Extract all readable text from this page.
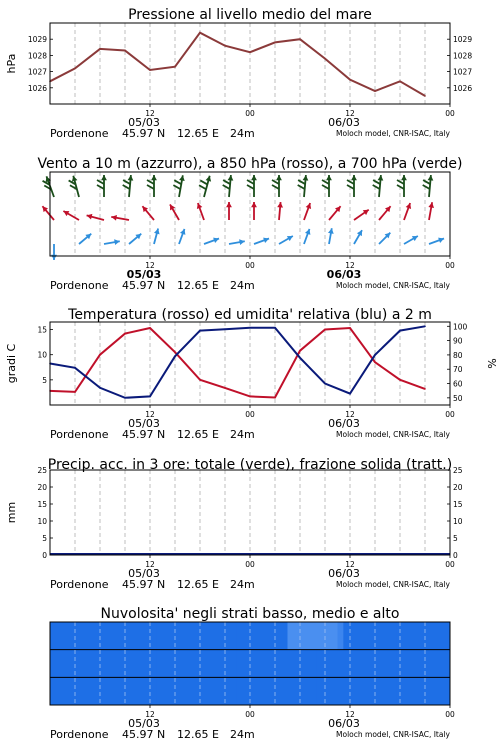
Pressione al livello medio del mare
1026	1026
1027	1027
1028	1028
1029	1029
hPa
12	00	12	00
05/03	06/03
Pordenone 45.97 N 12.65 E 24m	Moloch model, CNR-ISAC, Italy
Vento a 10 m (azzurro), a 850 hPa (rosso), a 700 hPa (verde)
12	00	12	00
05/03	06/03
Pordenone 45.97 N 12.65 E 24m	Moloch model, CNR-ISAC, Italy
Temperatura (rosso) ed umidita' relativa (blu) a 2 m
5
10
15
50
60
70
80
90
100
gradi C	%
12	00	12	00
05/03	06/03
Pordenone 45.97 N 12.65 E 24m	Moloch model, CNR-ISAC, Italy
Precip. acc. in 3 ore: totale (verde), frazione solida (tratt.)
0	0
5	5
10	10
15	15
20	20
25	25
mm
12	00	12	00
05/03	06/03
Pordenone 45.97 N 12.65 E 24m	Moloch model, CNR-ISAC, Italy
Nuvolosita' negli strati basso, medio e alto
12	00	12	00
05/03	06/03
Pordenone 45.97 N 12.65 E 24m	Moloch model, CNR-ISAC, Italy
